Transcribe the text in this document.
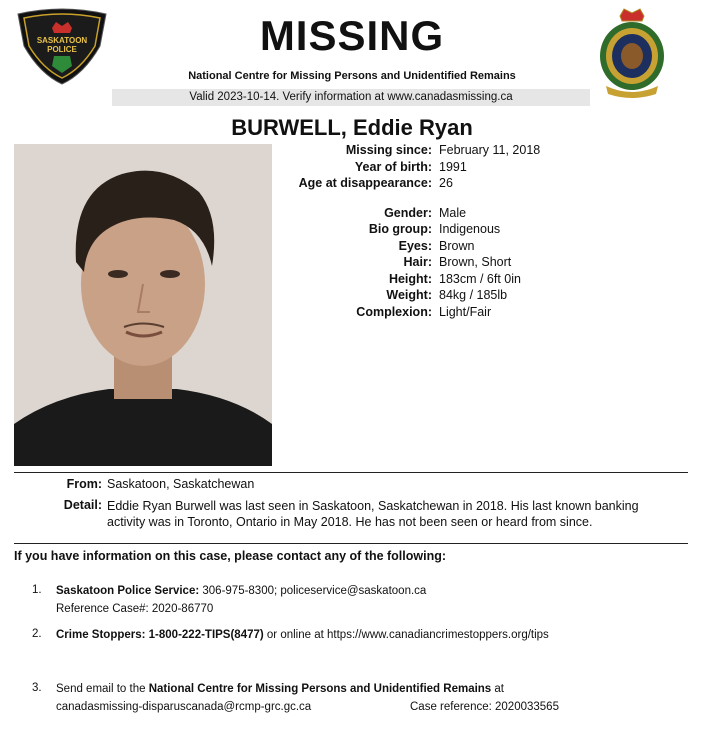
SASKATOON
POLICE	MISSING
National Centre for Missing Persons and Unidentified Remains
Valid 2023-10-14. Verify information at www.canadasmissing.ca
BURWELL, Eddie Ryan
Missing since: February 11, 2018
Year of birth: 1991
Age at disappearance: 26
Gender: Male
Bio group: Indigenous
Eyes: Brown
Hair: Brown, Short
Height: 183cm / 6ft 0in
Weight: 84kg / 185lb
Complexion: Light/Fair
From: Saskatoon, Saskatchewan
Detail: Eddie Ryan Burwell was last seen in Saskatoon, Saskatchewan in 2018. His last known banking activity was in Toronto, Ontario in May 2018. He has not been seen or heard from since.
If you have information on this case, please contact any of the following:
1. Saskatoon Police Service: 306-975-8300; policeservice@saskatoon.ca
Reference Case#: 2020-86770
2. Crime Stoppers: 1-800-222-TIPS(8477) or online at https://www.canadiancrimestoppers.org/tips
3. Send email to the National Centre for Missing Persons and Unidentified Remains at
canadasmissing-disparuscanada@rcmp-grc.gc.ca	Case reference: 2020033565
